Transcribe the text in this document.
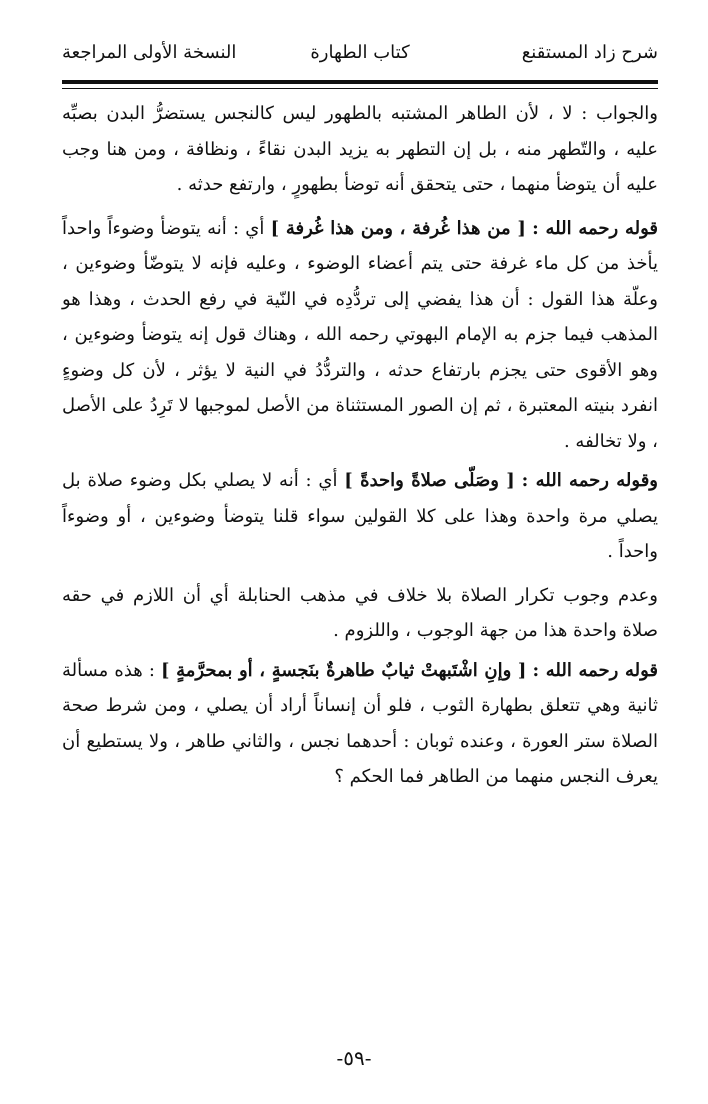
شرح زاد المستقنع
كتاب الطهارة
النسخة الأولى المراجعة

والجواب : لا ، لأن الطاهر المشتبه بالطهور ليس كالنجس يستضرُّ البدن بصبِّه عليه ، والتّطهر منه ، بل إن التطهر به يزيد البدن نقاءً ، ونظافة ، ومن هنا وجب عليه أن يتوضأ منهما ، حتى يتحقق أنه توضأ بطهورٍ ، وارتفع حدثه .

قوله رحمه الله : [ من هذا غُرفة ، ومن هذا غُرفة ] أي : أنه يتوضأ وضوءاً واحداً يأخذ من كل ماء غرفة حتى يتم أعضاء الوضوء ، وعليه فإنه لا يتوضّأ وضوءين ، وعلّة هذا القول : أن هذا يفضي إلى تردُّدِه في النّية في رفع الحدث ، وهذا هو المذهب فيما جزم به الإمام البهوتي رحمه الله ، وهناك قول إنه يتوضأ وضوءين ، وهو الأقوى حتى يجزم بارتفاع حدثه ، والتردُّدُ في النية لا يؤثر ، لأن كل وضوءٍ انفرد بنيته المعتبرة ، ثم إن الصور المستثناة من الأصل لموجبها لا تَرِدُ على الأصل ، ولا تخالفه .

وقوله رحمه الله : [ وصَلّى صلاةً واحدةً ] أي : أنه لا يصلي بكل وضوء صلاة بل يصلي مرة واحدة وهذا على كلا القولين سواء قلنا يتوضأ وضوءين ، أو وضوءاً واحداً .

وعدم وجوب تكرار الصلاة بلا خلاف في مذهب الحنابلة أي أن اللازم في حقه صلاة واحدة هذا من جهة الوجوب ، واللزوم .

قوله رحمه الله : [ وإنِ اشْتَبهتْ ثيابٌ طاهرةٌ بنَجسةٍ ، أو بمحرَّمةٍ ] : هذه مسألة ثانية وهي تتعلق بطهارة الثوب ، فلو أن إنساناً أراد أن يصلي ، ومن شرط صحة الصلاة ستر العورة ، وعنده ثوبان : أحدهما نجس ، والثاني طاهر ، ولا يستطيع أن يعرف النجس منهما من الطاهر فما الحكم ؟

-٥٩-
